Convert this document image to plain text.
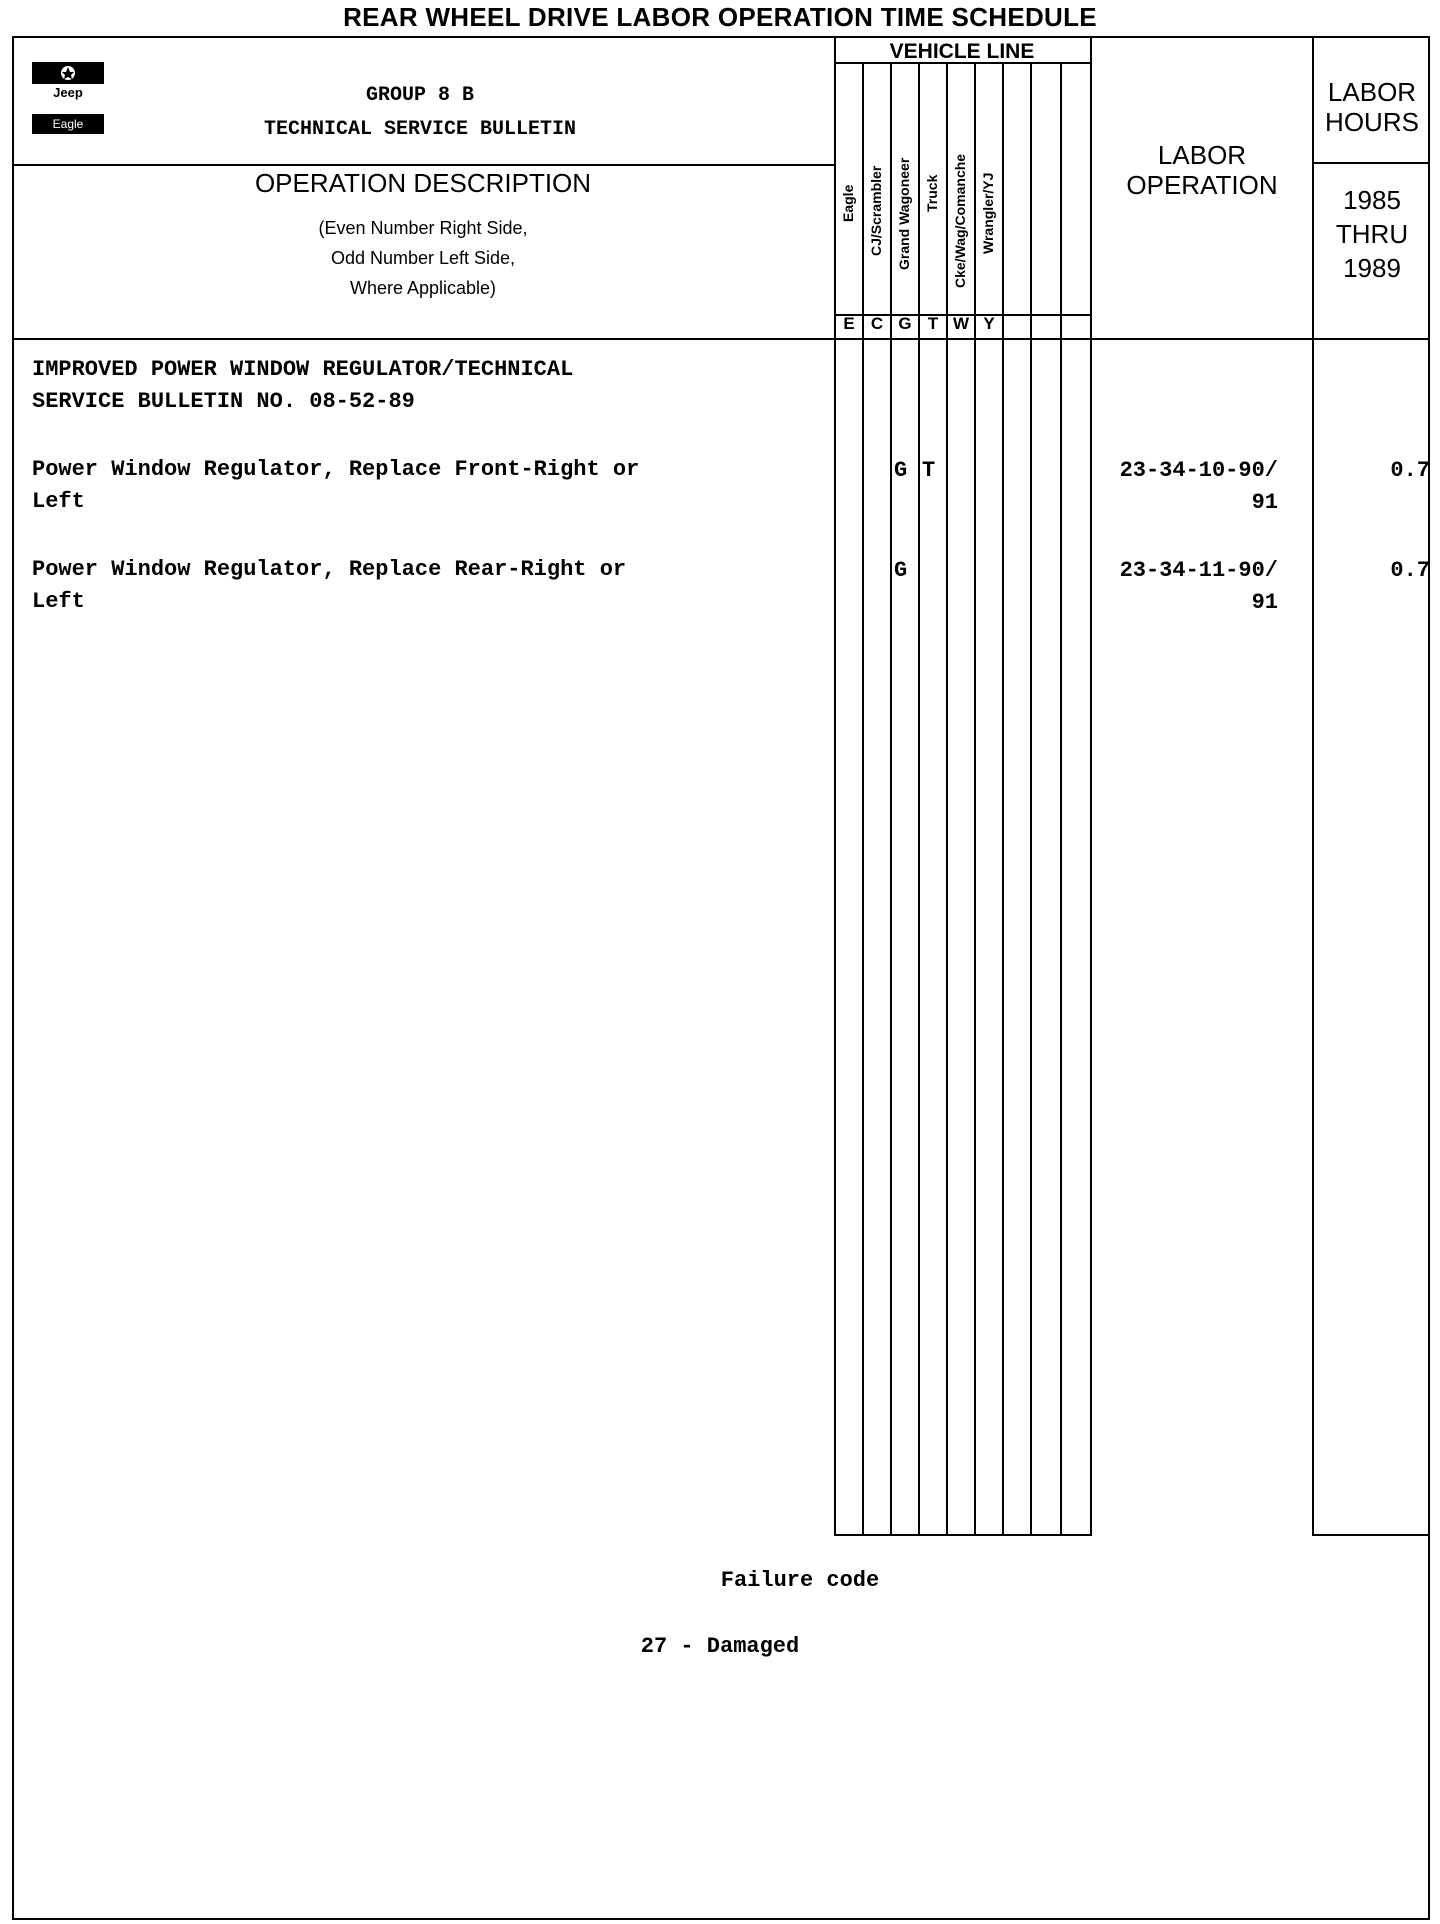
REAR WHEEL DRIVE LABOR OPERATION TIME SCHEDULE
Jeep
Eagle
GROUP 8 B
TECHNICAL SERVICE BULLETIN
OPERATION DESCRIPTION
(Even Number Right Side,
Odd Number Left Side,
Where Applicable)
VEHICLE LINE
Eagle CJ/Scrambler Grand Wagoneer Truck Cke/Wag/Comanche Wrangler/YJ
E C G T W Y
LABOR
OPERATION
LABOR
HOURS
1985
THRU
1989
IMPROVED POWER WINDOW REGULATOR/TECHNICAL
SERVICE BULLETIN NO. 08-52-89
Power Window Regulator, Replace Front-Right or
Left
G T	23-34-10-90/
91
0.7
Power Window Regulator, Replace Rear-Right or
Left
G	23-34-11-90/
91
0.7
Failure code
27 - Damaged
